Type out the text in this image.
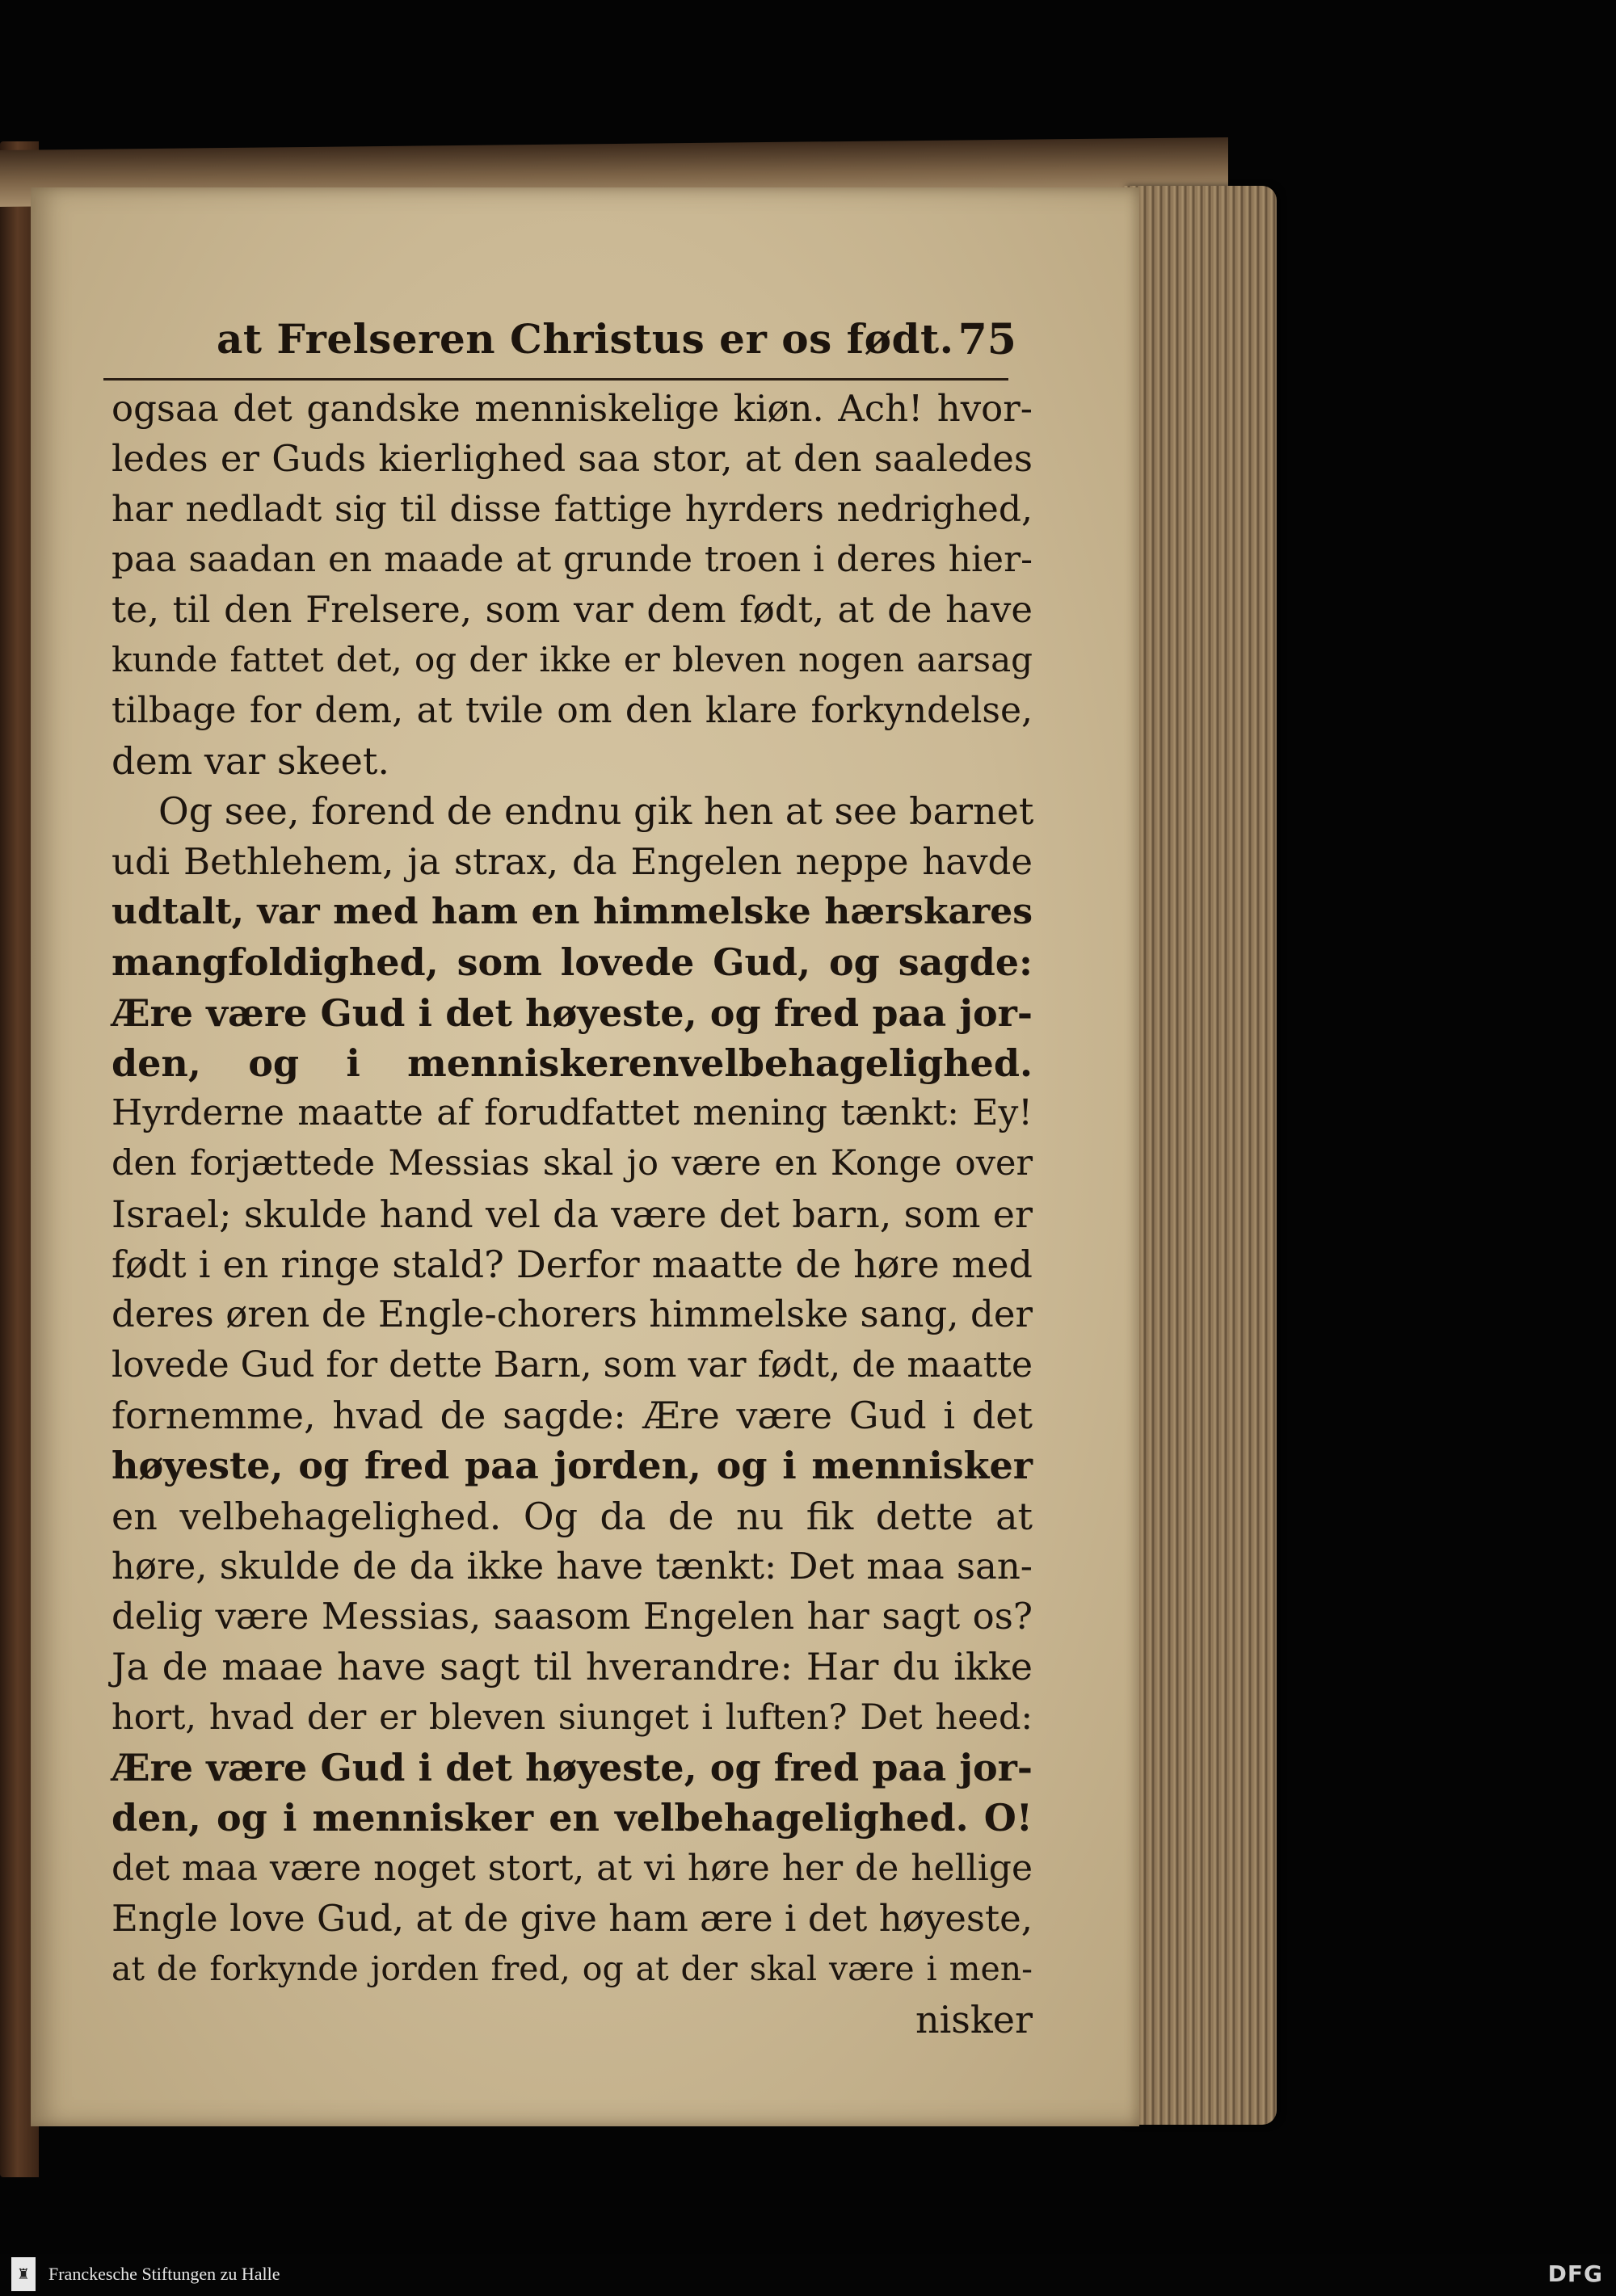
at Frelseren Christus er os født. 75
ogsaa det gandske menniskelige kiøn. Ach! hvor-
ledes er Guds kierlighed saa stor, at den saaledes
har nedladt sig til disse fattige hyrders nedrighed,
paa saadan en maade at grunde troen i deres hier-
te, til den Frelsere, som var dem født, at de have
kunde fattet det, og der ikke er bleven nogen aarsag
tilbage for dem, at tvile om den klare forkyndelse,
dem var skeet.
Og see, forend de endnu gik hen at see barnet
udi Bethlehem, ja strax, da Engelen neppe havde
udtalt, var med ham en himmelske hærskares
mangfoldighed, som lovede Gud, og sagde:
Ære være Gud i det høyeste, og fred paa jor-
den, og i menniskerenvelbehagelighed.
Hyrderne maatte af forudfattet mening tænkt: Ey!
den forjættede Messias skal jo være en Konge over
Israel; skulde hand vel da være det barn, som er
født i en ringe stald? Derfor maatte de høre med
deres øren de Engle-chorers himmelske sang, der
lovede Gud for dette Barn, som var født, de maatte
fornemme, hvad de sagde: Ære være Gud i det
høyeste, og fred paa jorden, og i mennisker
en velbehagelighed. Og da de nu fik dette at
høre, skulde de da ikke have tænkt: Det maa san-
delig være Messias, saasom Engelen har sagt os?
Ja de maae have sagt til hverandre: Har du ikke
hort, hvad der er bleven siunget i luften? Det heed:
Ære være Gud i det høyeste, og fred paa jor-
den, og i mennisker en velbehagelighed. O!
det maa være noget stort, at vi høre her de hellige
Engle love Gud, at de give ham ære i det høyeste,
at de forkynde jorden fred, og at der skal være i men-
nisker
♜	Franckesche Stiftungen zu Halle	DFG
